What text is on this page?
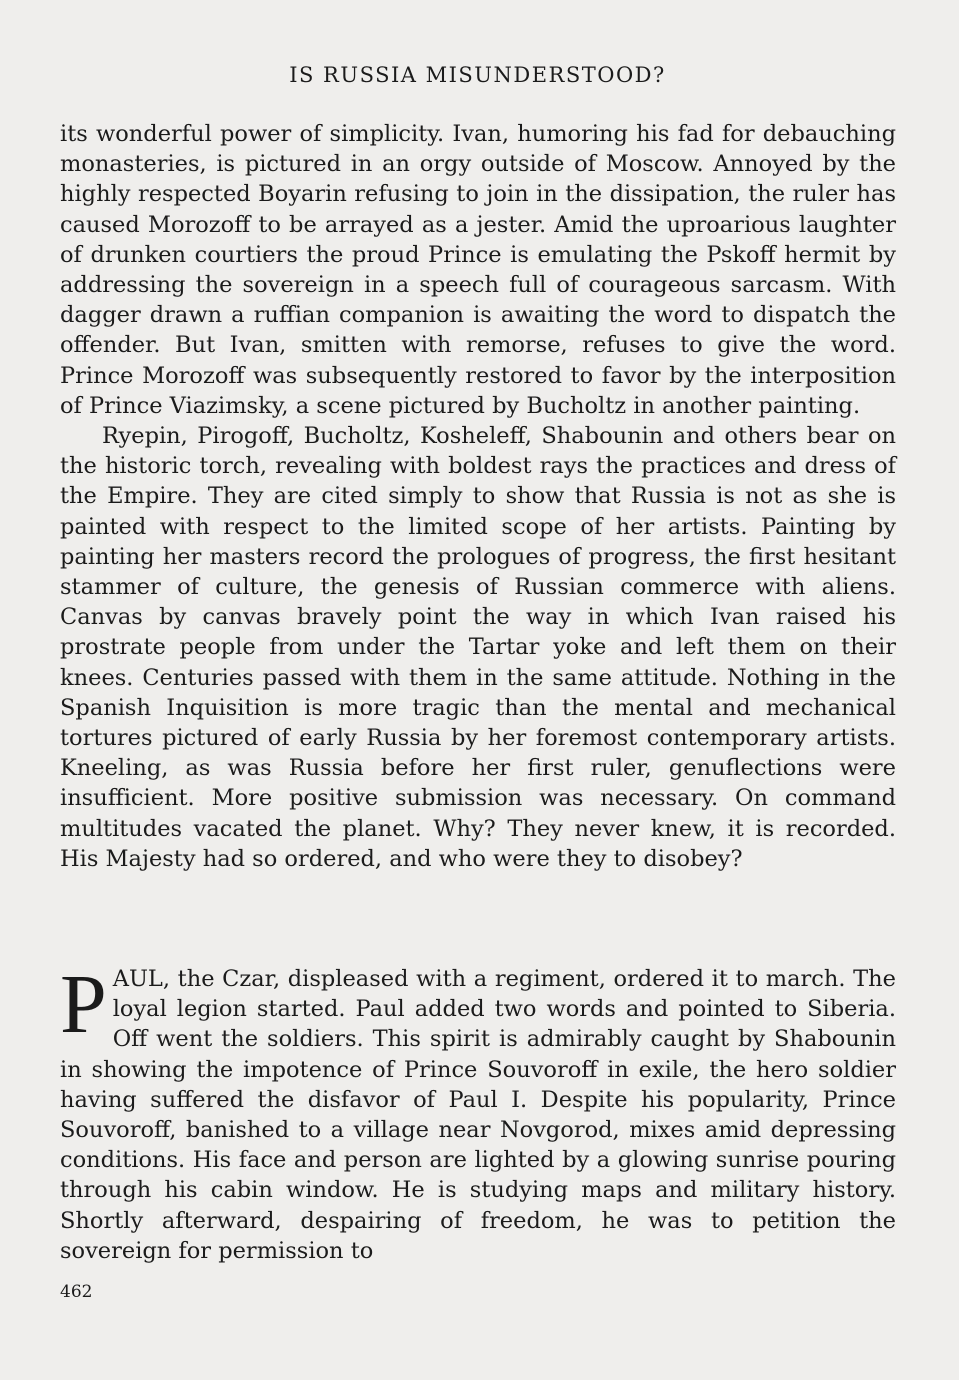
IS RUSSIA MISUNDERSTOOD?

its wonderful power of simplicity. Ivan, humoring his fad for debauching monasteries, is pictured in an orgy outside of Moscow. Annoyed by the highly respected Boyarin refusing to join in the dissipation, the ruler has caused Morozoff to be arrayed as a jester. Amid the uproarious laughter of drunken courtiers the proud Prince is emulating the Pskoff hermit by addressing the sovereign in a speech full of courageous sarcasm. With dagger drawn a ruffian companion is awaiting the word to dispatch the offender. But Ivan, smitten with remorse, refuses to give the word. Prince Morozoff was subsequently restored to favor by the interposition of Prince Viazimsky, a scene pictured by Bucholtz in another painting.

Ryepin, Pirogoff, Bucholtz, Kosheleff, Shabounin and others bear on the historic torch, revealing with boldest rays the practices and dress of the Empire. They are cited simply to show that Russia is not as she is painted with respect to the limited scope of her artists. Painting by painting her masters record the prologues of progress, the first hesitant stammer of culture, the genesis of Russian commerce with aliens. Canvas by canvas bravely point the way in which Ivan raised his prostrate people from under the Tartar yoke and left them on their knees. Centuries passed with them in the same attitude. Nothing in the Spanish Inquisition is more tragic than the mental and mechanical tortures pictured of early Russia by her foremost contemporary artists. Kneeling, as was Russia before her first ruler, genuflections were insufficient. More positive submission was necessary. On command multitudes vacated the planet. Why? They never knew, it is recorded. His Majesty had so ordered, and who were they to disobey?

PAUL, the Czar, displeased with a regiment, ordered it to march. The loyal legion started. Paul added two words and pointed to Siberia. Off went the soldiers. This spirit is admirably caught by Shabounin in showing the impotence of Prince Souvoroff in exile, the hero soldier having suffered the disfavor of Paul I. Despite his popularity, Prince Souvoroff, banished to a village near Novgorod, mixes amid depressing conditions. His face and person are lighted by a glowing sunrise pouring through his cabin window. He is studying maps and military history. Shortly afterward, despairing of freedom, he was to petition the sovereign for permission to

462
